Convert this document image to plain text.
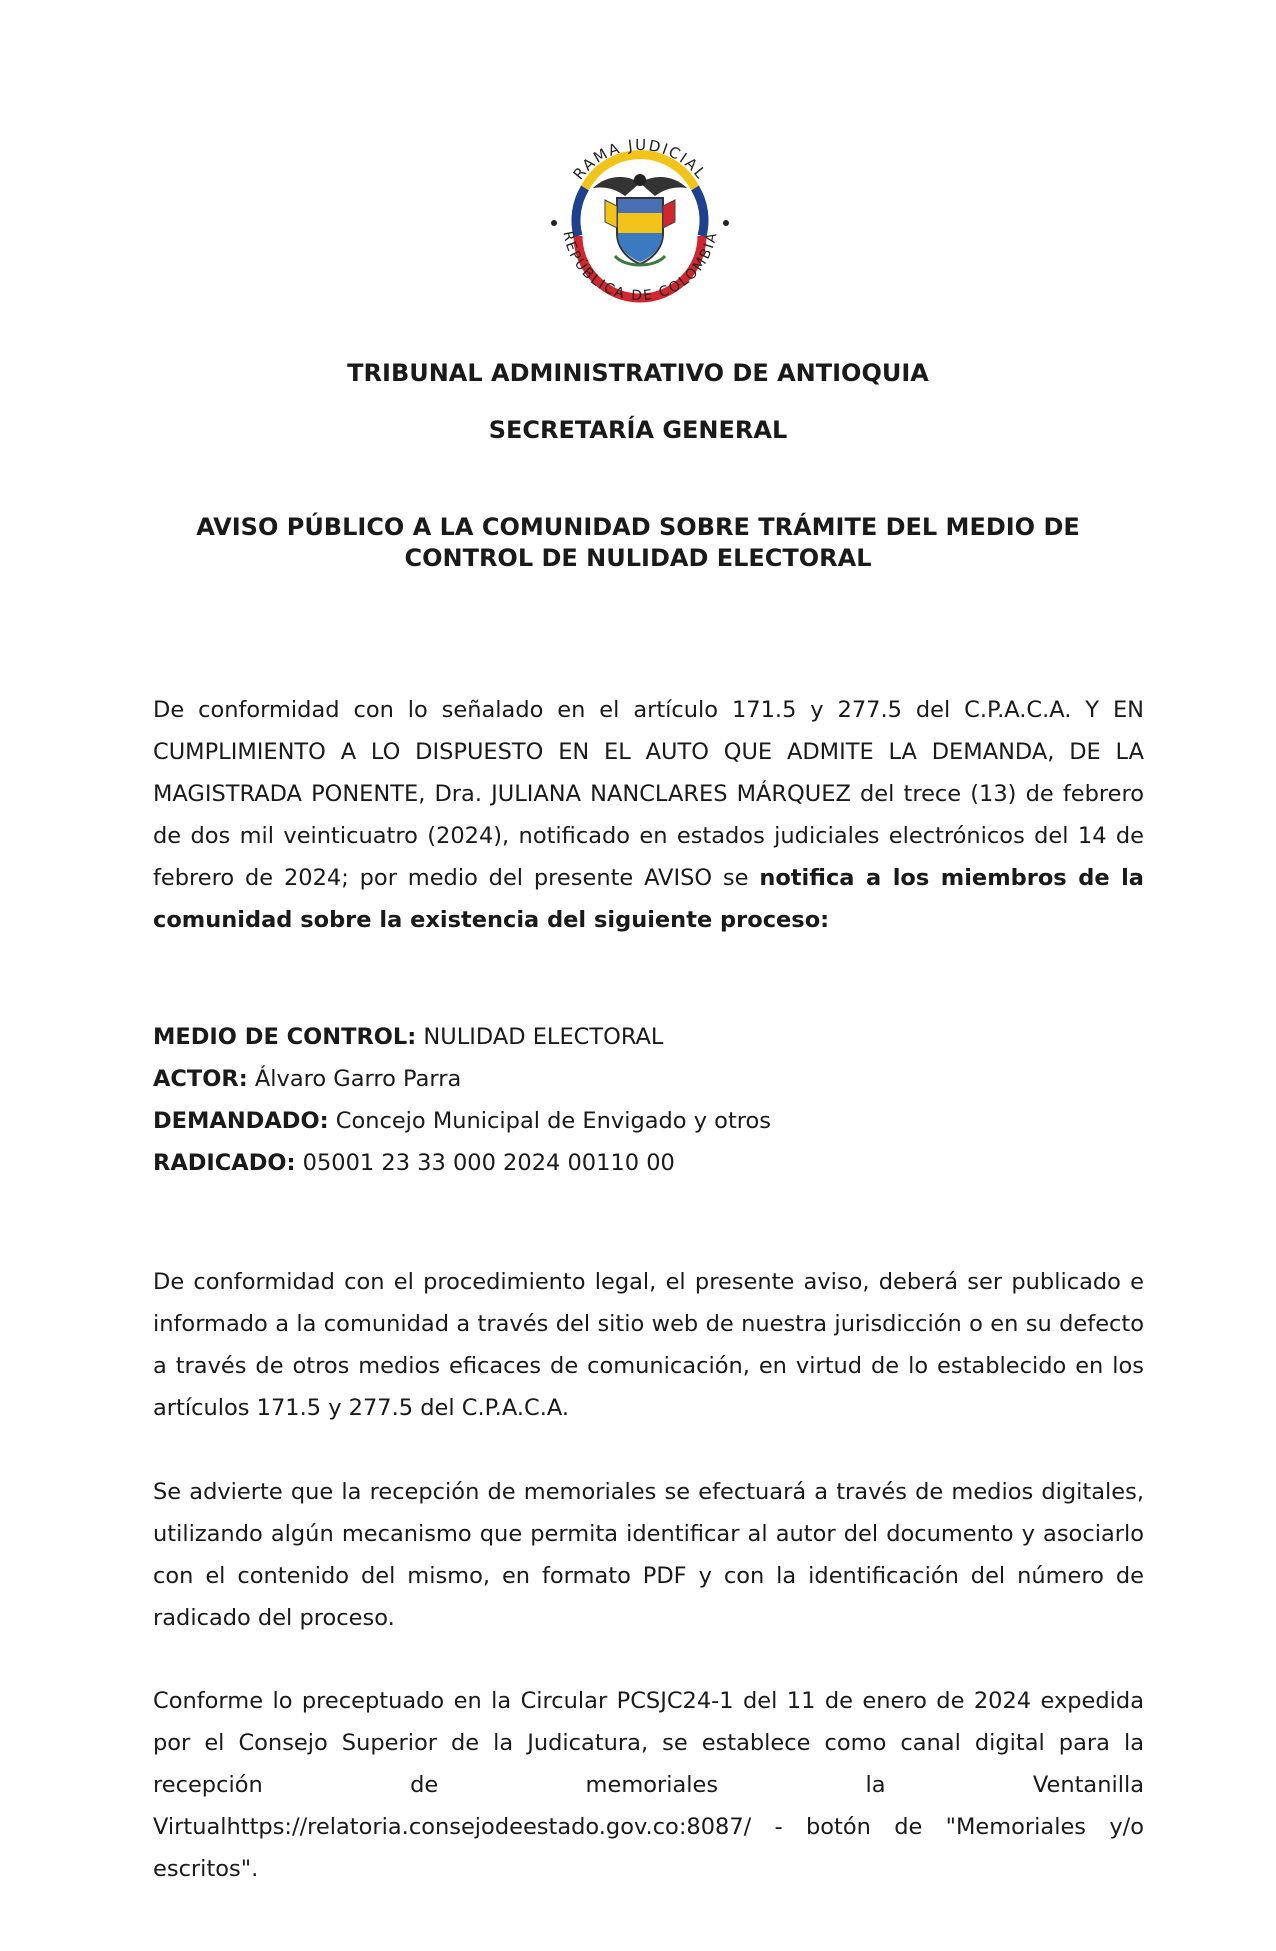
RAMA JUDICIAL
REPÚBLICA DE COLOMBIA

TRIBUNAL ADMINISTRATIVO DE ANTIOQUIA

SECRETARÍA GENERAL

AVISO PÚBLICO A LA COMUNIDAD SOBRE TRÁMITE DEL MEDIO DE
CONTROL DE NULIDAD ELECTORAL

De conformidad con lo señalado en el artículo 171.5 y 277.5 del C.P.A.C.A. Y EN CUMPLIMIENTO A LO DISPUESTO EN EL AUTO QUE ADMITE LA DEMANDA, DE LA MAGISTRADA PONENTE, Dra. JULIANA NANCLARES MÁRQUEZ del trece (13) de febrero de dos mil veinticuatro (2024), notificado en estados judiciales electrónicos del 14 de febrero de 2024; por medio del presente AVISO se notifica a los miembros de la comunidad sobre la existencia del siguiente proceso:

MEDIO DE CONTROL: NULIDAD ELECTORAL
ACTOR: Álvaro Garro Parra
DEMANDADO: Concejo Municipal de Envigado y otros
RADICADO: 05001 23 33 000 2024 00110 00

De conformidad con el procedimiento legal, el presente aviso, deberá ser publicado e informado a la comunidad a través del sitio web de nuestra jurisdicción o en su defecto a través de otros medios eficaces de comunicación, en virtud de lo establecido en los artículos 171.5 y 277.5 del C.P.A.C.A.

Se advierte que la recepción de memoriales se efectuará a través de medios digitales, utilizando algún mecanismo que permita identificar al autor del documento y asociarlo con el contenido del mismo, en formato PDF y con la identificación del número de radicado del proceso.

Conforme lo preceptuado en la Circular PCSJC24-1 del 11 de enero de 2024 expedida por el Consejo Superior de la Judicatura, se establece como canal digital para la recepción de memoriales la Ventanilla Virtualhttps://relatoria.consejodeestado.gov.co:8087/ - botón de "Memoriales y/o escritos".
